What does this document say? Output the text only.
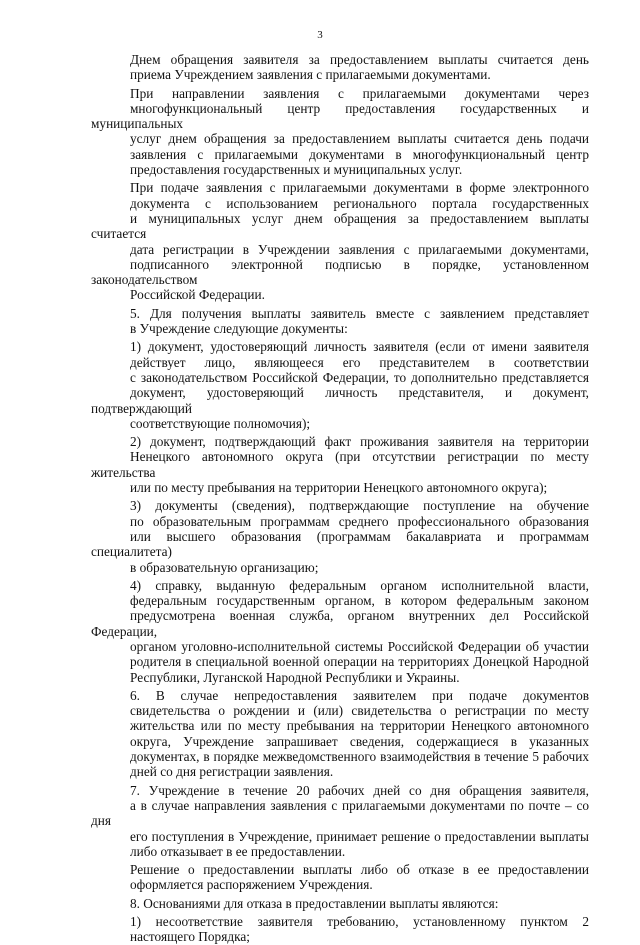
3

Днем обращения заявителя за предоставлением выплаты считается день
приема Учреждением заявления с прилагаемыми документами.

При направлении заявления с прилагаемыми документами через
многофункциональный центр предоставления государственных и муниципальных
услуг днем обращения за предоставлением выплаты считается день подачи
заявления с прилагаемыми документами в многофункциональный центр
предоставления государственных и муниципальных услуг.

При подаче заявления с прилагаемыми документами в форме электронного
документа с использованием регионального портала государственных
и муниципальных услуг днем обращения за предоставлением выплаты считается
дата регистрации в Учреждении заявления с прилагаемыми документами,
подписанного электронной подписью в порядке, установленном законодательством
Российской Федерации.

5. Для получения выплаты заявитель вместе с заявлением представляет
в Учреждение следующие документы:

1) документ, удостоверяющий личность заявителя (если от имени заявителя
действует лицо, являющееся его представителем в соответствии
с законодательством Российской Федерации, то дополнительно представляется
документ, удостоверяющий личность представителя, и документ, подтверждающий
соответствующие полномочия);

2) документ, подтверждающий факт проживания заявителя на территории
Ненецкого автономного округа (при отсутствии регистрации по месту жительства
или по месту пребывания на территории Ненецкого автономного округа);

3) документы (сведения), подтверждающие поступление на обучение
по образовательным программам среднего профессионального образования
или высшего образования (программам бакалавриата и программам специалитета)
в образовательную организацию;

4) справку, выданную федеральным органом исполнительной власти,
федеральным государственным органом, в котором федеральным законом
предусмотрена военная служба, органом внутренних дел Российской Федерации,
органом уголовно-исполнительной системы Российской Федерации об участии
родителя в специальной военной операции на территориях Донецкой Народной
Республики, Луганской Народной Республики и Украины.

6. В случае непредоставления заявителем при подаче документов
свидетельства о рождении и (или) свидетельства о регистрации по месту
жительства или по месту пребывания на территории Ненецкого автономного
округа, Учреждение запрашивает сведения, содержащиеся в указанных
документах, в порядке межведомственного взаимодействия в течение 5 рабочих
дней со дня регистрации заявления.

7. Учреждение в течение 20 рабочих дней со дня обращения заявителя,
а в случае направления заявления с прилагаемыми документами по почте – со дня
его поступления в Учреждение, принимает решение о предоставлении выплаты
либо отказывает в ее предоставлении.

Решение о предоставлении выплаты либо об отказе в ее предоставлении
оформляется распоряжением Учреждения.

8. Основаниями для отказа в предоставлении выплаты являются:

1) несоответствие заявителя требованию, установленному пунктом 2
настоящего Порядка;
